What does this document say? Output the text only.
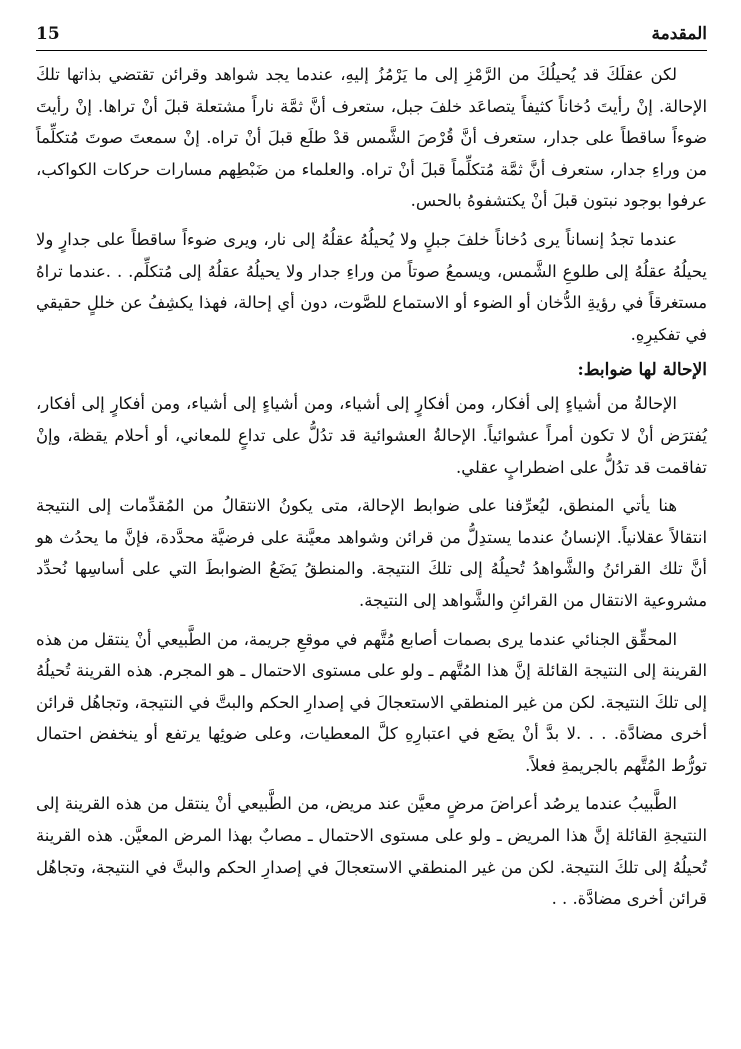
المقدمة
15

لكن عقلَكَ قد يُحيلُكَ من الرَّمْزِ إلى ما يَرْمُزُ إليهِ، عندما يجد شواهد وقرائن تقتضي بذاتها تلكَ الإحالة. إنْ رأيتَ دُخاناً كثيفاً يتصاعَد خلفَ جبل، ستعرف أنَّ ثمَّة ناراً مشتعلة قبلَ أنْ تراها. إنْ رأيتَ ضوءاً ساقطاً على جدار، ستعرف أنَّ قُرْصَ الشَّمس قدْ طلَع قبلَ أنْ تراه. إنْ سمعتَ صوتَ مُتكلِّماً من وراءِ جدار، ستعرف أنَّ ثمَّة مُتكلِّماً قبلَ أنْ تراه. والعلماء من ضَبْطِهم مسارات حركات الكواكب، عرفوا بوجود نبتون قبلَ أنْ يكتشفوهُ بالحس.

عندما تجدُ إنساناً يرى دُخاناً خلفَ جبلٍ ولا يُحيلُهُ عقلُهُ إلى نار، ويرى ضوءاً ساقطاً على جدارٍ ولا يحيلُهُ عقلُهُ إلى طلوعِ الشَّمس، ويسمعُ صوتاً من وراءِ جدار ولا يحيلُهُ عقلُهُ إلى مُتكلِّم. . .عندما تراهُ مستغرقاً في رؤيةِ الدُّخان أو الضوء أو الاستماع للصَّوت، دون أي إحالة، فهذا يكشِفُ عن خللٍ حقيقي في تفكيرِهِ.

الإحالة لها ضوابط:

الإحالةُ من أشياءٍ إلى أفكار، ومن أفكارٍ إلى أشياء، ومن أشياءٍ إلى أشياء، ومن أفكارٍ إلى أفكار، يُفترَض أنْ لا تكون أمراً عشوائياً. الإحالةُ العشوائية قد تدُلُّ على تداعٍ للمعاني، أو أحلام يقظة، وإنْ تفاقمت قد تدُلُّ على اضطرابٍ عقلي.

هنا يأتي المنطق، ليُعرِّفنا على ضوابط الإحالة، متى يكونُ الانتقالُ من المُقدِّمات إلى النتيجة انتقالاً عقلانياً. الإنسانُ عندما يستدِلُّ من قرائن وشواهد معيَّنة على فرضيَّة محدَّدة، فإنَّ ما يحدُث هو أنَّ تلك القرائنُ والشَّواهدُ تُحيلُهُ إلى تلكَ النتيجة. والمنطقُ يَضَعُ الضوابطَ التي على أساسِها نُحدِّد مشروعية الانتقال من القرائنِ والشَّواهد إلى النتيجة.

المحقِّق الجنائي عندما يرى بصمات أصابع مُتَّهم في موقعِ جريمة، من الطَّبيعي أنْ ينتقل من هذه القرينة إلى النتيجة القائلة إنَّ هذا المُتَّهم ـ ولو على مستوى الاحتمال ـ هو المجرم. هذه القرينة تُحيلُهُ إلى تلكَ النتيجة. لكن من غير المنطقي الاستعجالَ في إصدارِ الحكم والبتَّ في النتيجة، وتجاهُل قرائن أخرى مضادَّة. . . .لا بدَّ أنْ يضَع في اعتبارِهِ كلَّ المعطيات، وعلى ضوئِها يرتفع أو ينخفض احتمال تورُّط المُتَّهم بالجريمةِ فعلاً.

الطَّبيبُ عندما يرصُد أعراضَ مرضٍ معيَّن عند مريض، من الطَّبيعي أنْ ينتقل من هذه القرينة إلى النتيجةِ القائلة إنَّ هذا المريض ـ ولو على مستوى الاحتمال ـ مصابٌ بهذا المرض المعيَّن. هذه القرينة تُحيلُهُ إلى تلكَ النتيجة. لكن من غير المنطقي الاستعجالَ في إصدارِ الحكم والبتَّ في النتيجة، وتجاهُل قرائن أخرى مضادَّة. . .
